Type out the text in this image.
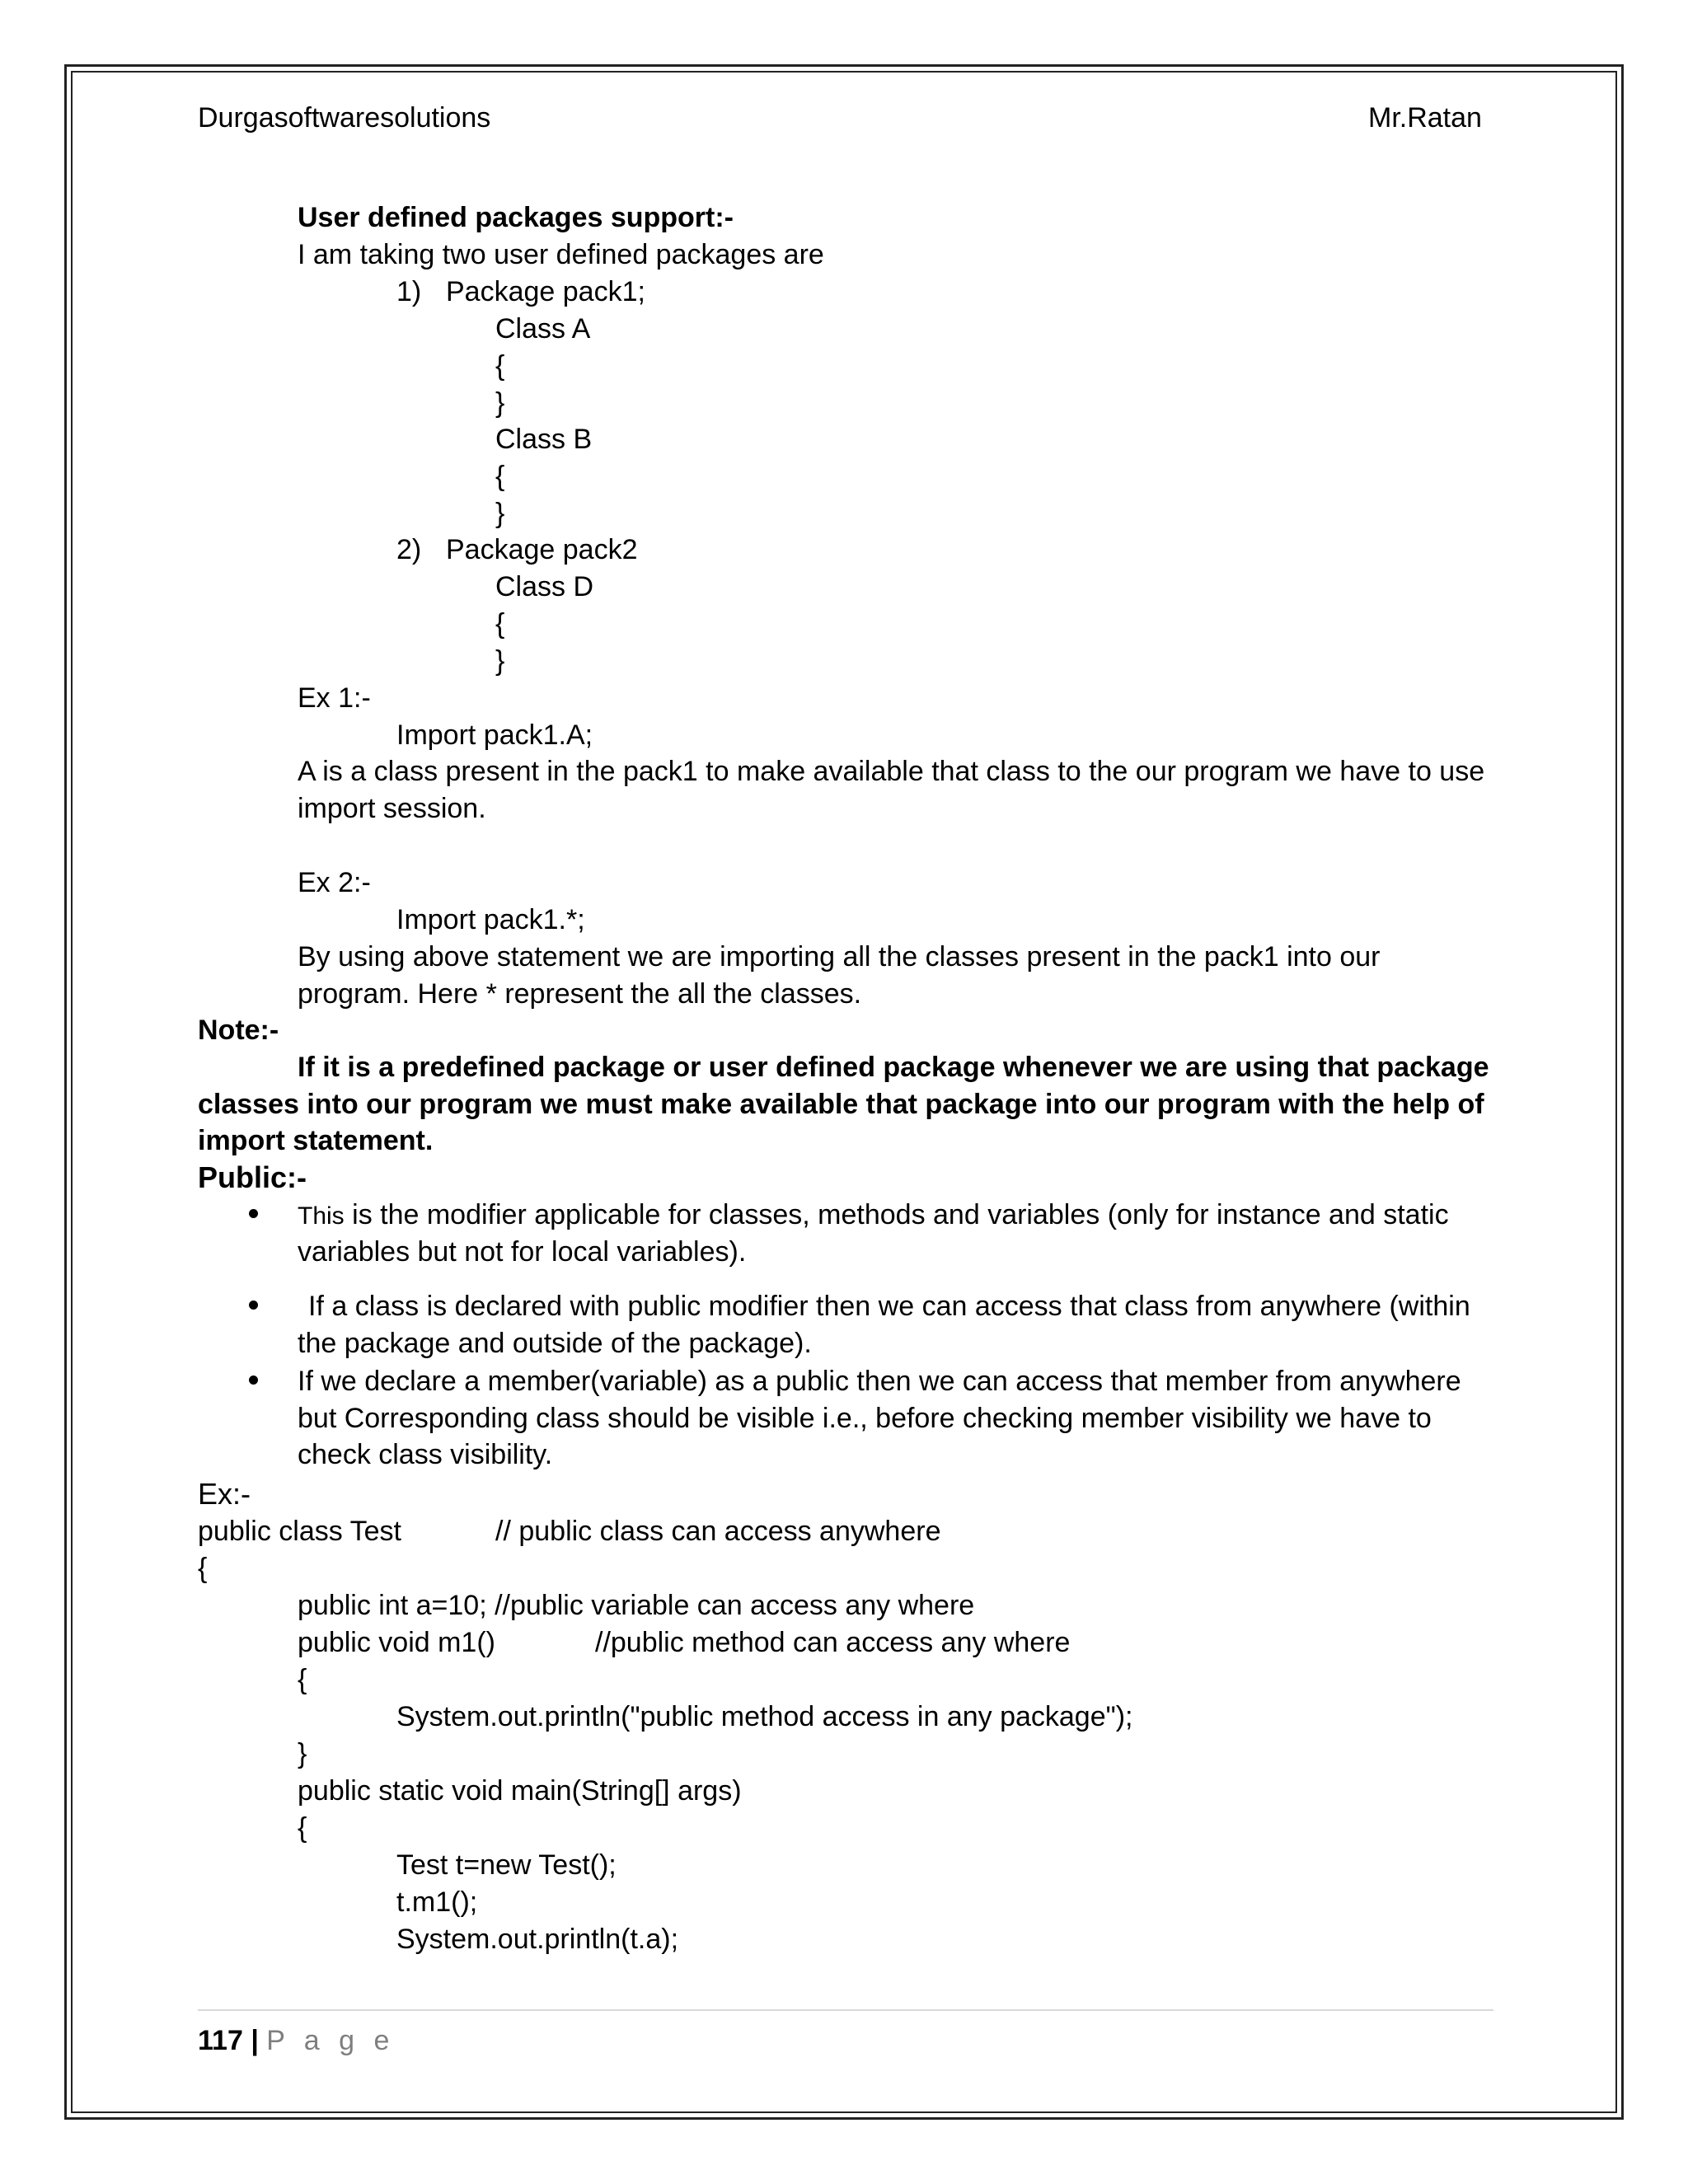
Durgasoftwaresolutions	Mr.Ratan
User defined packages support:-
I am taking two user defined packages are
1) Package pack1;
Class A
{
}
Class B
{
}
2) Package pack2
Class D
{
}
Ex 1:-
Import pack1.A;
A is a class present in the pack1 to make available that class to the our program we have to use
import session.
Ex 2:-
Import pack1.*;
By using above statement we are importing all the classes present in the pack1 into our
program. Here * represent the all the classes.
Note:-
If it is a predefined package or user defined package whenever we are using that package
classes into our program we must make available that package into our program with the help of
import statement.
Public:-
This is the modifier applicable for classes, methods and variables (only for instance and static
variables but not for local variables).
If a class is declared with public modifier then we can access that class from anywhere (within
the package and outside of the package).
If we declare a member(variable) as a public then we can access that member from anywhere
but Corresponding class should be visible i.e., before checking member visibility we have to
check class visibility.
Ex:-
public class Test	// public class can access anywhere
{
public int a=10; //public variable can access any where
public void m1()	//public method can access any where
{
System.out.println("public method access in any package");
}
public static void main(String[] args)
{
Test t=new Test();
t.m1();
System.out.println(t.a);
117 | P a g e
